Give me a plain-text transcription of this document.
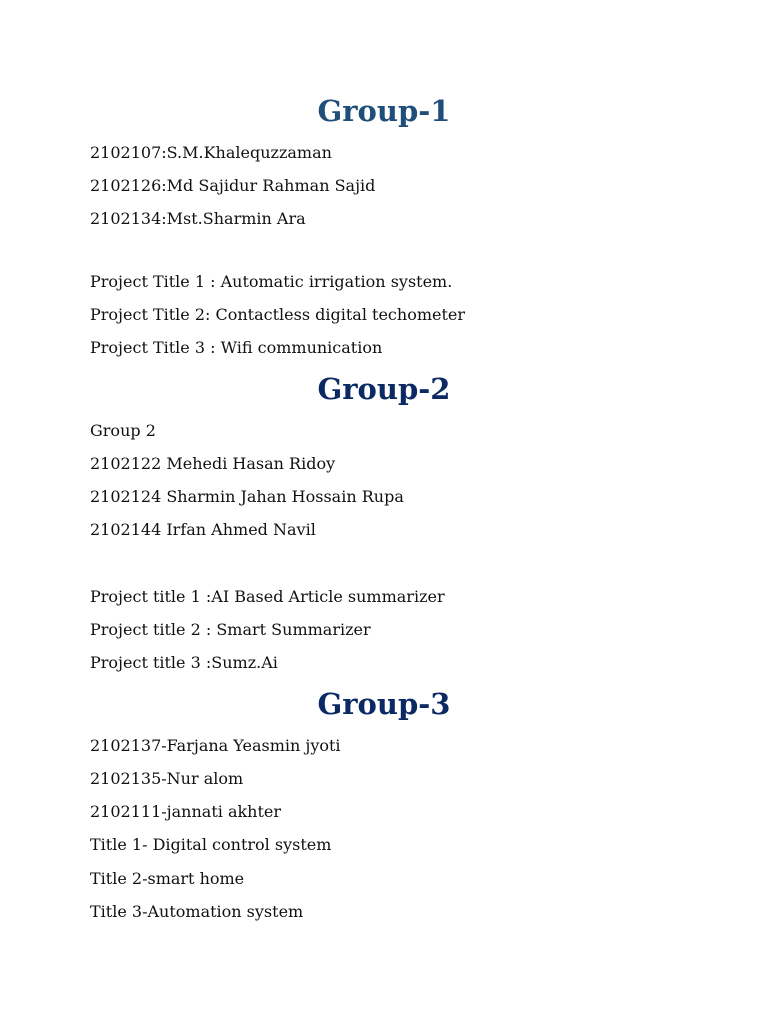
Group-1

2102107:S.M.Khalequzzaman

2102126:Md Sajidur Rahman Sajid

2102134:Mst.Sharmin Ara

Project Title 1 : Automatic irrigation system.

Project Title 2: Contactless digital techometer

Project Title 3 : Wifi communication

Group-2

Group 2

2102122 Mehedi Hasan Ridoy

2102124 Sharmin Jahan Hossain Rupa

2102144 Irfan Ahmed Navil

Project title 1 :AI Based Article summarizer

Project title 2 : Smart Summarizer

Project title 3 :Sumz.Ai

Group-3

2102137-Farjana Yeasmin jyoti

2102135-Nur alom

2102111-jannati akhter

Title 1- Digital control system

Title 2-smart home

Title 3-Automation system
